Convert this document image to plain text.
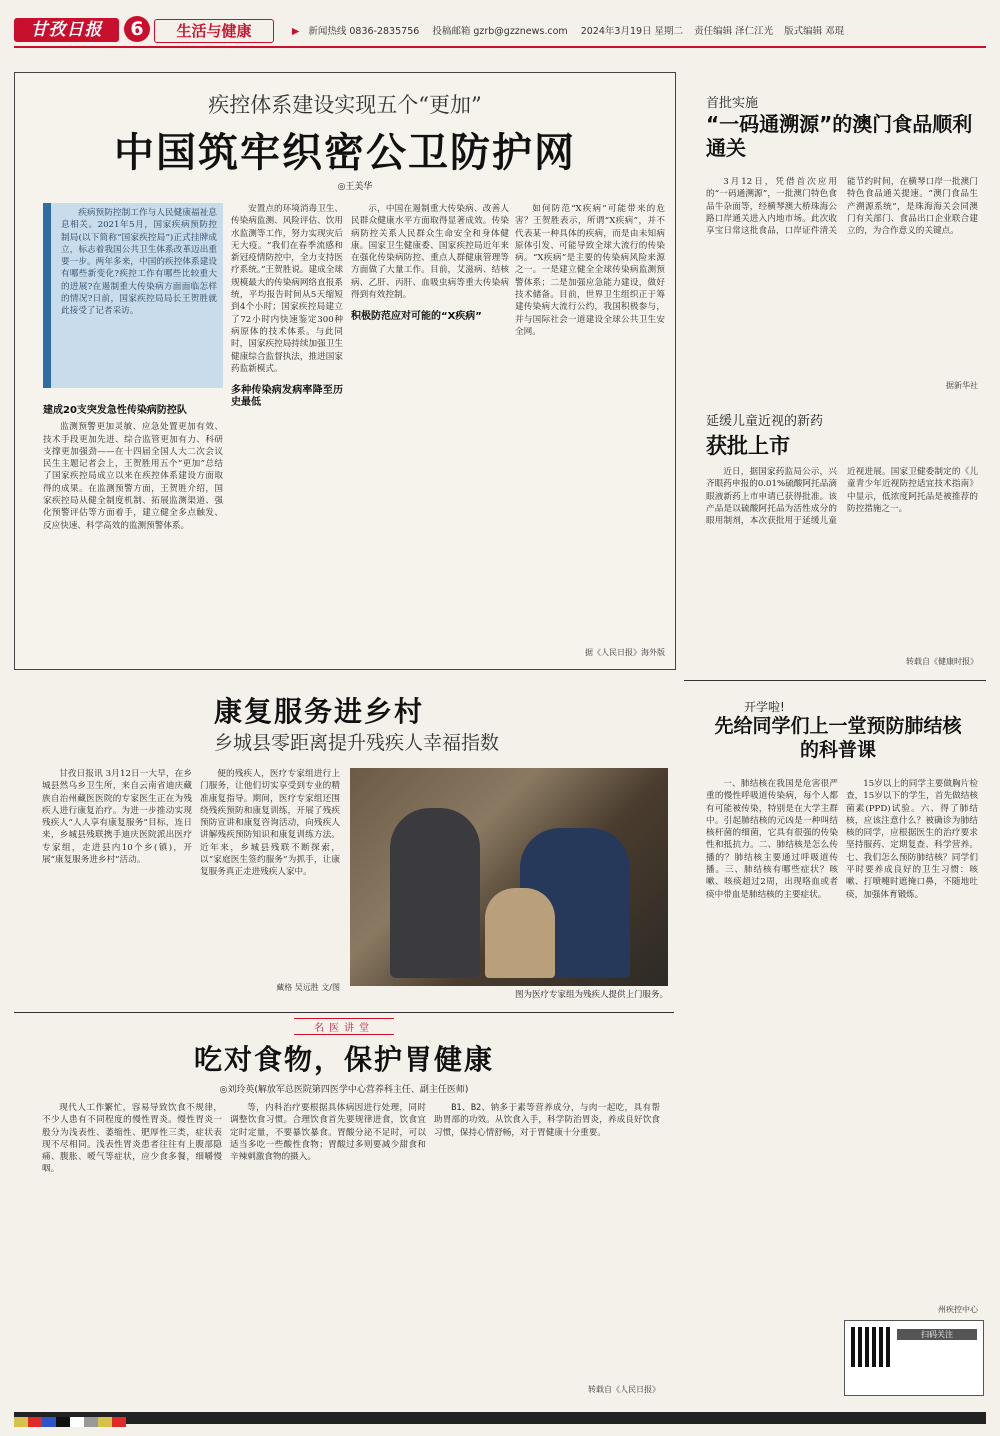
甘孜日报	6	生活与健康	▶ 新闻热线 0836-2835756 投稿邮箱 gzrb@gzznews.com 2024年3月19日 星期二 责任编辑 泽仁江光 版式编辑 邓琨
疾控体系建设实现五个“更加”
中国筑牢织密公卫防护网
◎王美华

疾病预防控制工作与人民健康福祉息息相关。2021年5月，国家疾病预防控制局(以下简称“国家疾控局”)正式挂牌成立，标志着我国公共卫生体系改革迈出重要一步。两年多来，中国的疾控体系建设有哪些新变化?疾控工作有哪些比较重大的进展?在遏制重大传染病方面面临怎样的情况?日前，国家疾控局局长王贺胜就此接受了记者采访。

建成20支突发急性传染病防控队

监测预警更加灵敏、应急处置更加有效、技术手段更加先进、综合监管更加有力、科研支撑更加强劲——在十四届全国人大二次会议民生主题记者会上，王贺胜用五个“更加”总结了国家疾控局成立以来在疾控体系建设方面取得的成果。在监测预警方面，王贺胜介绍，国家疾控局从健全制度机制、拓展监测渠道、强化预警评估等方面着手，建立健全多点触发、反应快速、科学高效的监测预警体系。

安置点的环境消毒卫生、传染病监测、风险评估、饮用水监测等工作，努力实现灾后无大疫。“我们在春季流感和新冠疫情防控中，全力支持医疗系统。”王贺胜说。建成全球规模最大的传染病网络直报系统，平均报告时间从5天缩短到4个小时；国家疾控局建立了72小时内快速鉴定300种病原体的技术体系。与此同时，国家疾控局持续加强卫生健康综合监督执法，推进国家药监新模式。

多种传染病发病率降至历史最低

示，中国在遏制重大传染病、改善人民群众健康水平方面取得显著成效。传染病防控关系人民群众生命安全和身体健康。国家卫生健康委、国家疾控局近年来在强化传染病防控、重点人群健康管理等方面做了大量工作。目前，艾滋病、结核病、乙肝、丙肝、血吸虫病等重大传染病得到有效控制。

积极防范应对可能的“X疾病”

如何防范“X疾病”可能带来的危害？王贺胜表示，所谓“X疾病”，并不代表某一种具体的疾病，而是由未知病原体引发、可能导致全球大流行的传染病。“X疾病”是主要的传染病风险来源之一。一是建立健全全球传染病监测预警体系；二是加强应急能力建设，做好技术储备。目前，世界卫生组织正于筹建传染病大流行公约，我国积极参与，并与国际社会一道建设全球公共卫生安全网。

据《人民日报》海外版
首批实施
“一码通溯源”的澳门食品顺利通关

3月12日，凭借首次应用的“一码通溯源”，一批澳门特色食品牛杂面等，经横琴澳大桥珠海公路口岸通关进入内地市场。此次收享宝日常这批食品，口岸证件清关能节约时间，在横琴口岸一批澳门特色食品通关提速。“澳门食品生产溯源系统”，是珠海海关会同澳门有关部门、食品出口企业联合建立的，为合作意义的关键点。

据新华社
延缓儿童近视的新药
获批上市

近日，据国家药监局公示，兴齐眼药申报的0.01%硫酸阿托品滴眼液新药上市申请已获得批准。该产品是以硫酸阿托品为活性成分的眼用制剂，本次获批用于延缓儿童近视进展。国家卫健委制定的《儿童青少年近视防控适宜技术指南》中显示，低浓度阿托品是被推荐的防控措施之一。

转载自《健康时报》
康复服务进乡村
乡城县零距离提升残疾人幸福指数

甘孜日报讯 3月12日一大早，在乡城县然乌乡卫生所，来自云南省迪庆藏族自治州藏医医院的专家医生正在为残疾人进行康复治疗。为进一步推动实现残疾人“人人享有康复服务”目标，连日来，乡城县残联携手迪庆医院派出医疗专家组，走进县内10个乡(镇)，开展“康复服务进乡村”活动。

便的残疾人，医疗专家组进行上门服务，让他们切实享受到专业的精准康复指导。期间，医疗专家组还围绕残疾预防和康复训练，开展了残疾预防宣讲和康复咨询活动，向残疾人讲解残疾预防知识和康复训练方法。近年来，乡城县残联不断探索，以“家庭医生签约服务”为抓手，让康复服务真正走进残疾人家中。

藏格 吴远胜 文/图
图为医疗专家组为残疾人提供上门服务。
名医讲堂
吃对食物，保护胃健康
◎刘玲英(解放军总医院第四医学中心营养科主任、副主任医师)

现代人工作繁忙，容易导致饮食不规律，不少人患有不同程度的慢性胃炎。慢性胃炎一般分为浅表性、萎缩性、肥厚性三类，症状表现不尽相同。浅表性胃炎患者往往有上腹部隐痛、腹胀、嗳气等症状，应少食多餐，细嚼慢咽。

等，内科治疗要根据具体病因进行处理，同时调整饮食习惯。合理饮食首先要规律进食，饮食宜定时定量，不要暴饮暴食。胃酸分泌不足时，可以适当多吃一些酸性食物；胃酸过多则要减少甜食和辛辣刺激食物的摄入。

B1、B2、钠多于素等营养成分，与肉一起吃，具有帮助胃部的功效。从饮食入手，科学防治胃炎，养成良好饮食习惯，保持心情舒畅，对于胃健康十分重要。

转载自《人民日报》
开学啦!
先给同学们上一堂预防肺结核的科普课

一、肺结核在我国是危害很严重的慢性呼吸道传染病，每个人都有可能被传染，特别是在大学主群中。引起肺结核的元凶是一种叫结核杆菌的细菌，它具有很强的传染性和抵抗力。二、肺结核是怎么传播的？肺结核主要通过呼吸道传播。三、肺结核有哪些症状？咳嗽、咳痰超过2周，出现咯血或者痰中带血是肺结核的主要症状。

15岁以上的同学主要做胸片检查，15岁以下的学生，首先做结核菌素(PPD)试验。六、得了肺结核，应该注意什么？被确诊为肺结核的同学，应根据医生的治疗要求坚持服药、定期复查、科学营养。七、我们怎么预防肺结核？同学们平时要养成良好的卫生习惯：咳嗽、打喷嚏时遮掩口鼻，不随地吐痰，加强体育锻炼。

州疾控中心
扫码关注
